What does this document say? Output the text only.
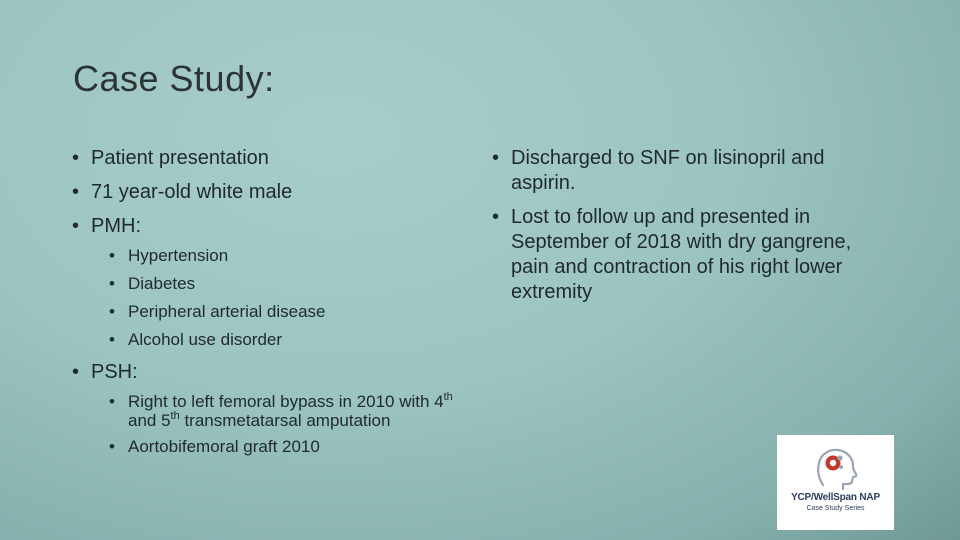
Case Study:
• Patient presentation
• 71 year-old white male
• PMH:
• Hypertension
• Diabetes
• Peripheral arterial disease
• Alcohol use disorder
• PSH:
• Right to left femoral bypass in 2010 with 4th and 5th transmetatarsal amputation
• Aortobifemoral graft 2010
• Discharged to SNF on lisinopril and aspirin.
• Lost to follow up and presented in September of 2018 with dry gangrene, pain and contraction of his right lower extremity
YCP/WellSpan NAP
Case Study Series
